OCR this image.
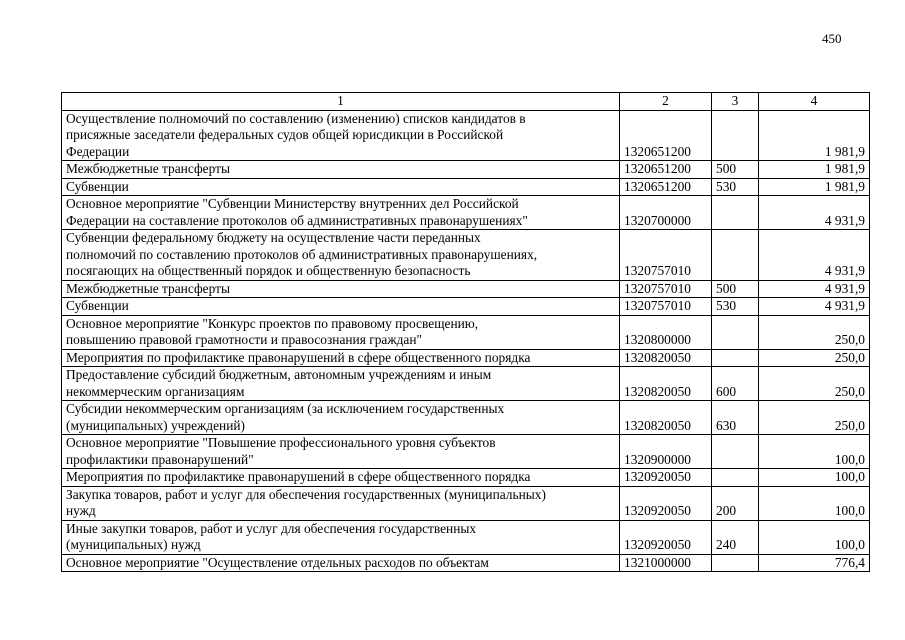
450
1	2	3	4
Осуществление полномочий по составлению (изменению) списков кандидатов в
присяжные заседатели федеральных судов общей юрисдикции в Российской
Федерации	1320651200		1 981,9
Межбюджетные трансферты	1320651200	500	1 981,9
Субвенции	1320651200	530	1 981,9
Основное мероприятие "Субвенции Министерству внутренних дел Российской
Федерации на составление протоколов об административных правонарушениях"	1320700000		4 931,9
Субвенции федеральному бюджету на осуществление части переданных
полномочий по составлению протоколов об административных правонарушениях,
посягающих на общественный порядок и общественную безопасность	1320757010		4 931,9
Межбюджетные трансферты	1320757010	500	4 931,9
Субвенции	1320757010	530	4 931,9
Основное мероприятие "Конкурс проектов по правовому просвещению,
повышению правовой грамотности и правосознания граждан"	1320800000		250,0
Мероприятия по профилактике правонарушений в сфере общественного порядка	1320820050		250,0
Предоставление субсидий бюджетным, автономным учреждениям и иным
некоммерческим организациям	1320820050	600	250,0
Субсидии некоммерческим организациям (за исключением государственных
(муниципальных) учреждений)	1320820050	630	250,0
Основное мероприятие "Повышение профессионального уровня субъектов
профилактики правонарушений"	1320900000		100,0
Мероприятия по профилактике правонарушений в сфере общественного порядка	1320920050		100,0
Закупка товаров, работ и услуг для обеспечения государственных (муниципальных)
нужд	1320920050	200	100,0
Иные закупки товаров, работ и услуг для обеспечения государственных
(муниципальных) нужд	1320920050	240	100,0
Основное мероприятие "Осуществление отдельных расходов по объектам	1321000000		776,4
